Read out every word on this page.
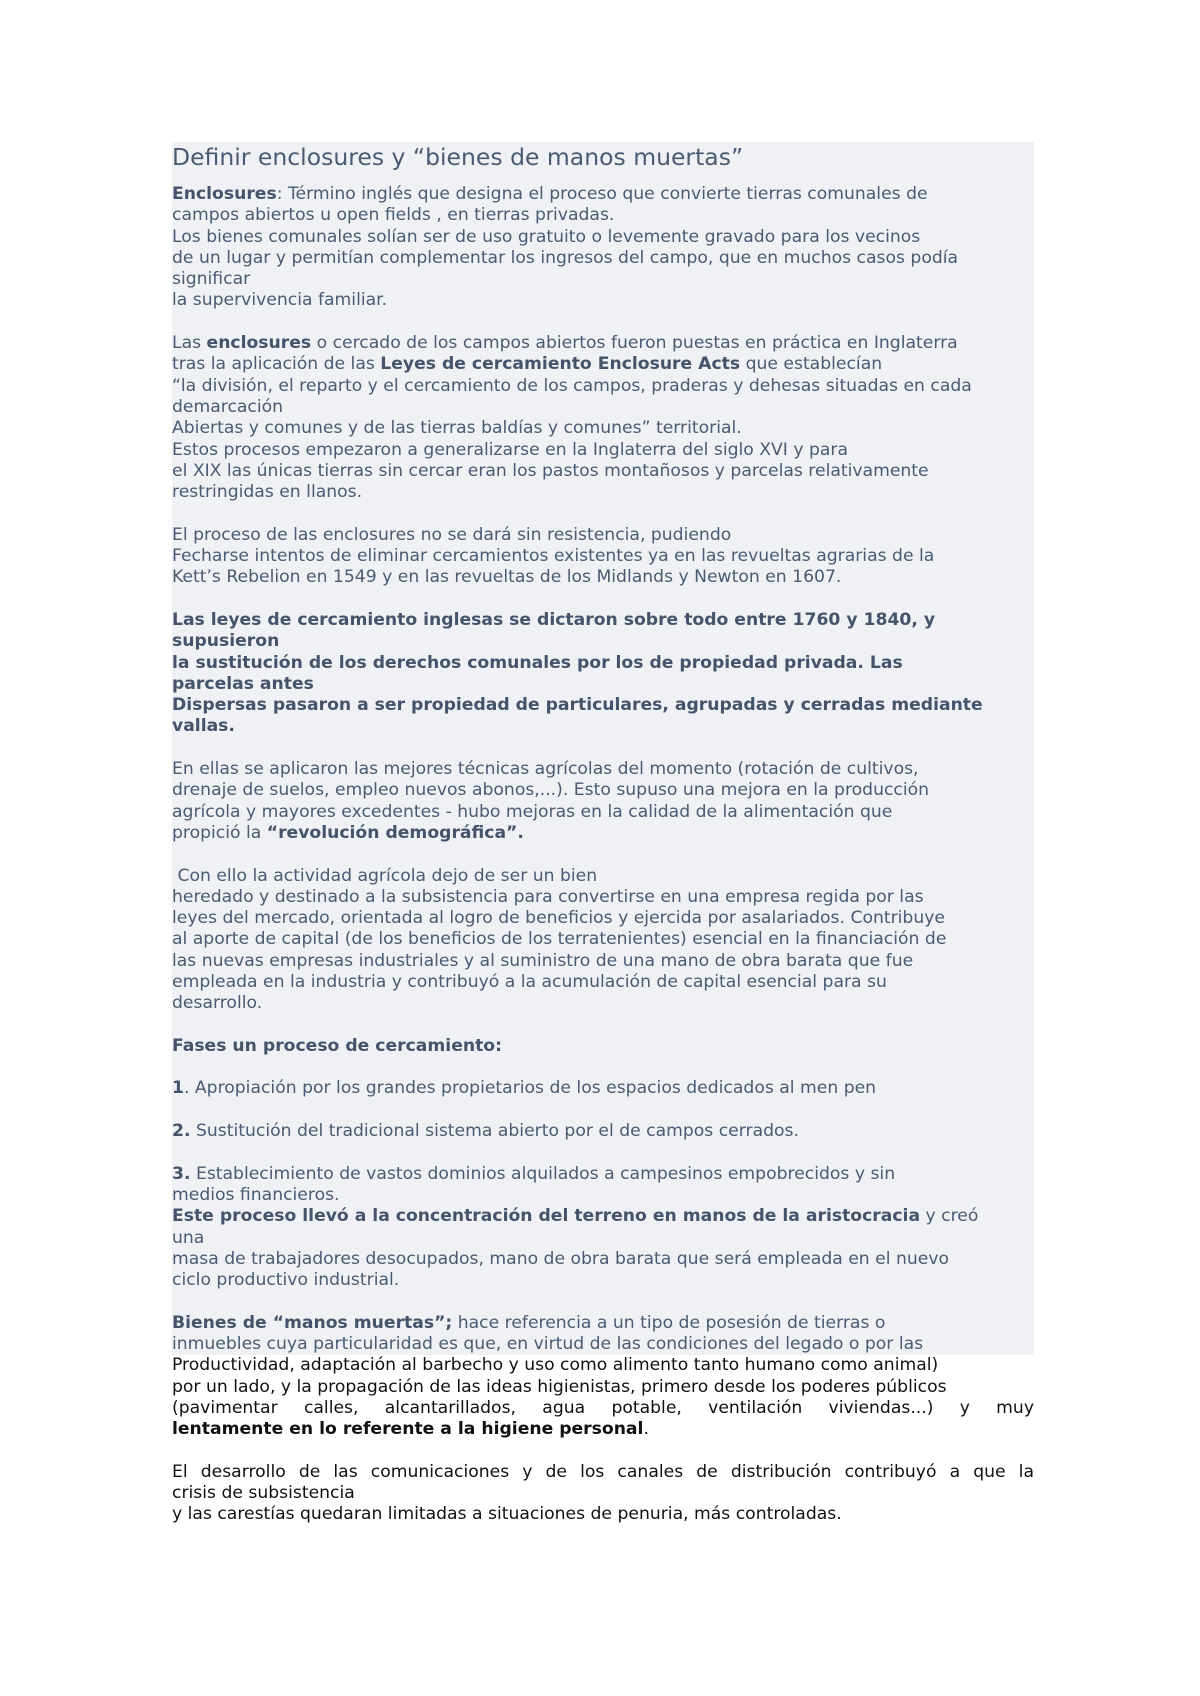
Definir enclosures y “bienes de manos muertas”

Enclosures: Término inglés que designa el proceso que convierte tierras comunales de
campos abiertos u open fields , en tierras privadas.
Los bienes comunales solían ser de uso gratuito o levemente gravado para los vecinos
de un lugar y permitían complementar los ingresos del campo, que en muchos casos podía
significar
la supervivencia familiar.

Las enclosures o cercado de los campos abiertos fueron puestas en práctica en Inglaterra
tras la aplicación de las Leyes de cercamiento Enclosure Acts que establecían
“la división, el reparto y el cercamiento de los campos, praderas y dehesas situadas en cada
demarcación
Abiertas y comunes y de las tierras baldías y comunes” territorial.
Estos procesos empezaron a generalizarse en la Inglaterra del siglo XVI y para
el XIX las únicas tierras sin cercar eran los pastos montañosos y parcelas relativamente
restringidas en llanos.

El proceso de las enclosures no se dará sin resistencia, pudiendo
Fecharse intentos de eliminar cercamientos existentes ya en las revueltas agrarias de la
Kett’s Rebelion en 1549 y en las revueltas de los Midlands y Newton en 1607.

Las leyes de cercamiento inglesas se dictaron sobre todo entre 1760 y 1840, y
supusieron
la sustitución de los derechos comunales por los de propiedad privada. Las
parcelas antes
Dispersas pasaron a ser propiedad de particulares, agrupadas y cerradas mediante
vallas.

En ellas se aplicaron las mejores técnicas agrícolas del momento (rotación de cultivos,
drenaje de suelos, empleo nuevos abonos,...). Esto supuso una mejora en la producción
agrícola y mayores excedentes - hubo mejoras en la calidad de la alimentación que
propició la “revolución demográfica”.

Con ello la actividad agrícola dejo de ser un bien
heredado y destinado a la subsistencia para convertirse en una empresa regida por las
leyes del mercado, orientada al logro de beneficios y ejercida por asalariados. Contribuye
al aporte de capital (de los beneficios de los terratenientes) esencial en la financiación de
las nuevas empresas industriales y al suministro de una mano de obra barata que fue
empleada en la industria y contribuyó a la acumulación de capital esencial para su
desarrollo.

Fases un proceso de cercamiento:

1. Apropiación por los grandes propietarios de los espacios dedicados al men pen

2. Sustitución del tradicional sistema abierto por el de campos cerrados.

3. Establecimiento de vastos dominios alquilados a campesinos empobrecidos y sin
medios financieros.
Este proceso llevó a la concentración del terreno en manos de la aristocracia y creó
una
masa de trabajadores desocupados, mano de obra barata que será empleada en el nuevo
ciclo productivo industrial.

Bienes de “manos muertas”; hace referencia a un tipo de posesión de tierras o
inmuebles cuya particularidad es que, en virtud de las condiciones del legado o por las

Productividad, adaptación al barbecho y uso como alimento tanto humano como animal)
por un lado, y la propagación de las ideas higienistas, primero desde los poderes públicos
(pavimentar calles, alcantarillados, agua potable, ventilación viviendas...) y muy
lentamente en lo referente a la higiene personal.

El desarrollo de las comunicaciones y de los canales de distribución contribuyó a que la
crisis de subsistencia
y las carestías quedaran limitadas a situaciones de penuria, más controladas.
